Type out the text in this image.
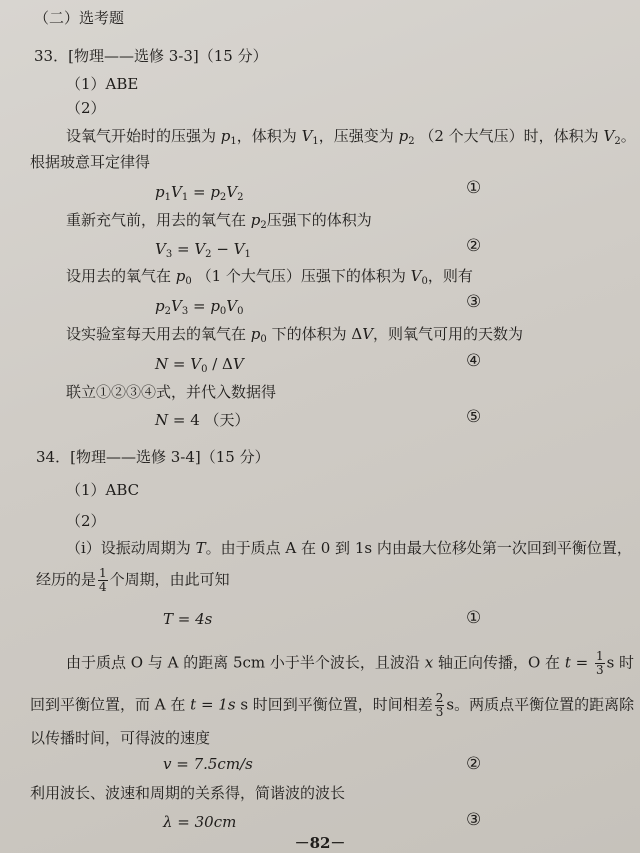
（二）选考题
33．[物理——选修 3-3]（15 分）
（1）ABE
（2）
设氧气开始时的压强为 $p_1$，体积为 $V_1$，压强变为 $p_2$ （2 个大气压）时，体积为 $V_2$。
根据玻意耳定律得
$p_1V_1 = p_2V_2$	①
重新充气前，用去的氧气在 $p_2$压强下的体积为
$V_3 = V_2 - V_1$	②
设用去的氧气在 $p_0$ （1 个大气压）压强下的体积为 $V_0$，则有
$p_2V_3 = p_0V_0$	③
设实验室每天用去的氧气在 $p_0$ 下的体积为 ΔV，则氧气可用的天数为
$N = V_0 / \Delta V$	④
联立①②③④式，并代入数据得
N = 4 （天）	⑤
34．[物理——选修 3-4]（15 分）
（1）ABC
（2）
（i）设振动周期为 T。由于质点 A 在 0 到 1s 内由最大位移处第一次回到平衡位置，
经历的是 $\frac{1}{4}$ 个周期，由此可知
T = 4s	①
由于质点 O 与 A 的距离 5cm 小于半个波长，且波沿 x 轴正向传播，O 在 $t = \frac{1}{3}$ s 时
回到平衡位置，而 A 在 t = 1s s 时回到平衡位置，时间相差 $\frac{2}{3}$ s。两质点平衡位置的距离除
以传播时间，可得波的速度
v = 7.5cm/s	②
利用波长、波速和周期的关系得，简谐波的波长
λ = 30cm	③
－82－
